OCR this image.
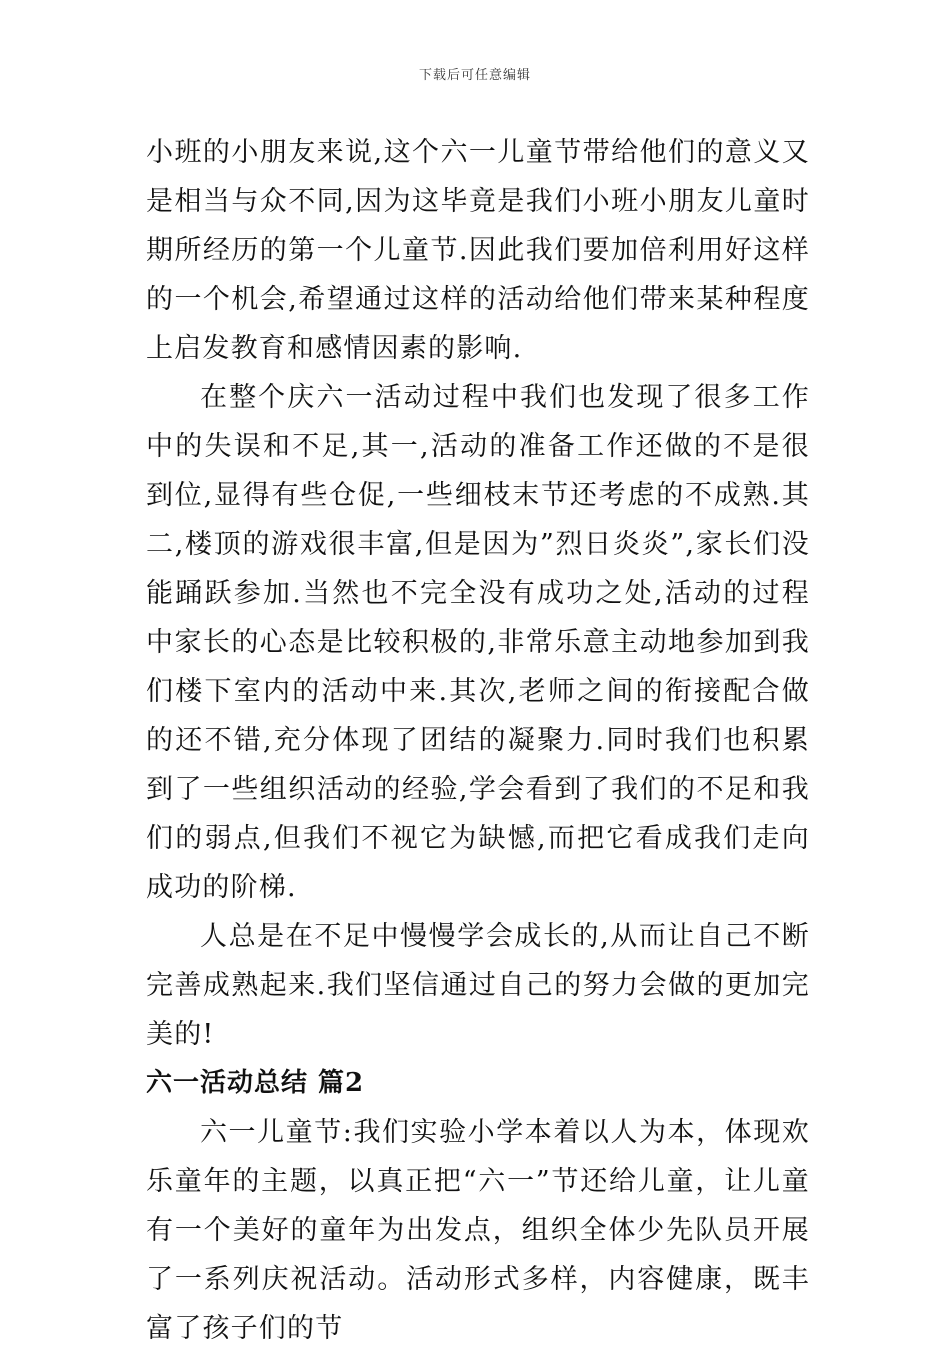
下载后可任意编辑

小班的小朋友来说,这个六一儿童节带给他们的意义又是相当与众不同,因为这毕竟是我们小班小朋友儿童时期所经历的第一个儿童节.因此我们要加倍利用好这样的一个机会,希望通过这样的活动给他们带来某种程度上启发教育和感情因素的影响.

在整个庆六一活动过程中我们也发现了很多工作中的失误和不足,其一,活动的准备工作还做的不是很到位,显得有些仓促,一些细枝末节还考虑的不成熟.其二,楼顶的游戏很丰富,但是因为”烈日炎炎”,家长们没能踊跃参加.当然也不完全没有成功之处,活动的过程中家长的心态是比较积极的,非常乐意主动地参加到我们楼下室内的活动中来.其次,老师之间的衔接配合做的还不错,充分体现了团结的凝聚力.同时我们也积累到了一些组织活动的经验,学会看到了我们的不足和我们的弱点,但我们不视它为缺憾,而把它看成我们走向成功的阶梯.

人总是在不足中慢慢学会成长的,从而让自己不断完善成熟起来.我们坚信通过自己的努力会做的更加完美的!

六一活动总结 篇2

六一儿童节:我们实验小学本着以人为本，体现欢乐童年的主题，以真正把“六一”节还给儿童，让儿童有一个美好的童年为出发点，组织全体少先队员开展了一系列庆祝活动。活动形式多样，内容健康，既丰富了孩子们的节
